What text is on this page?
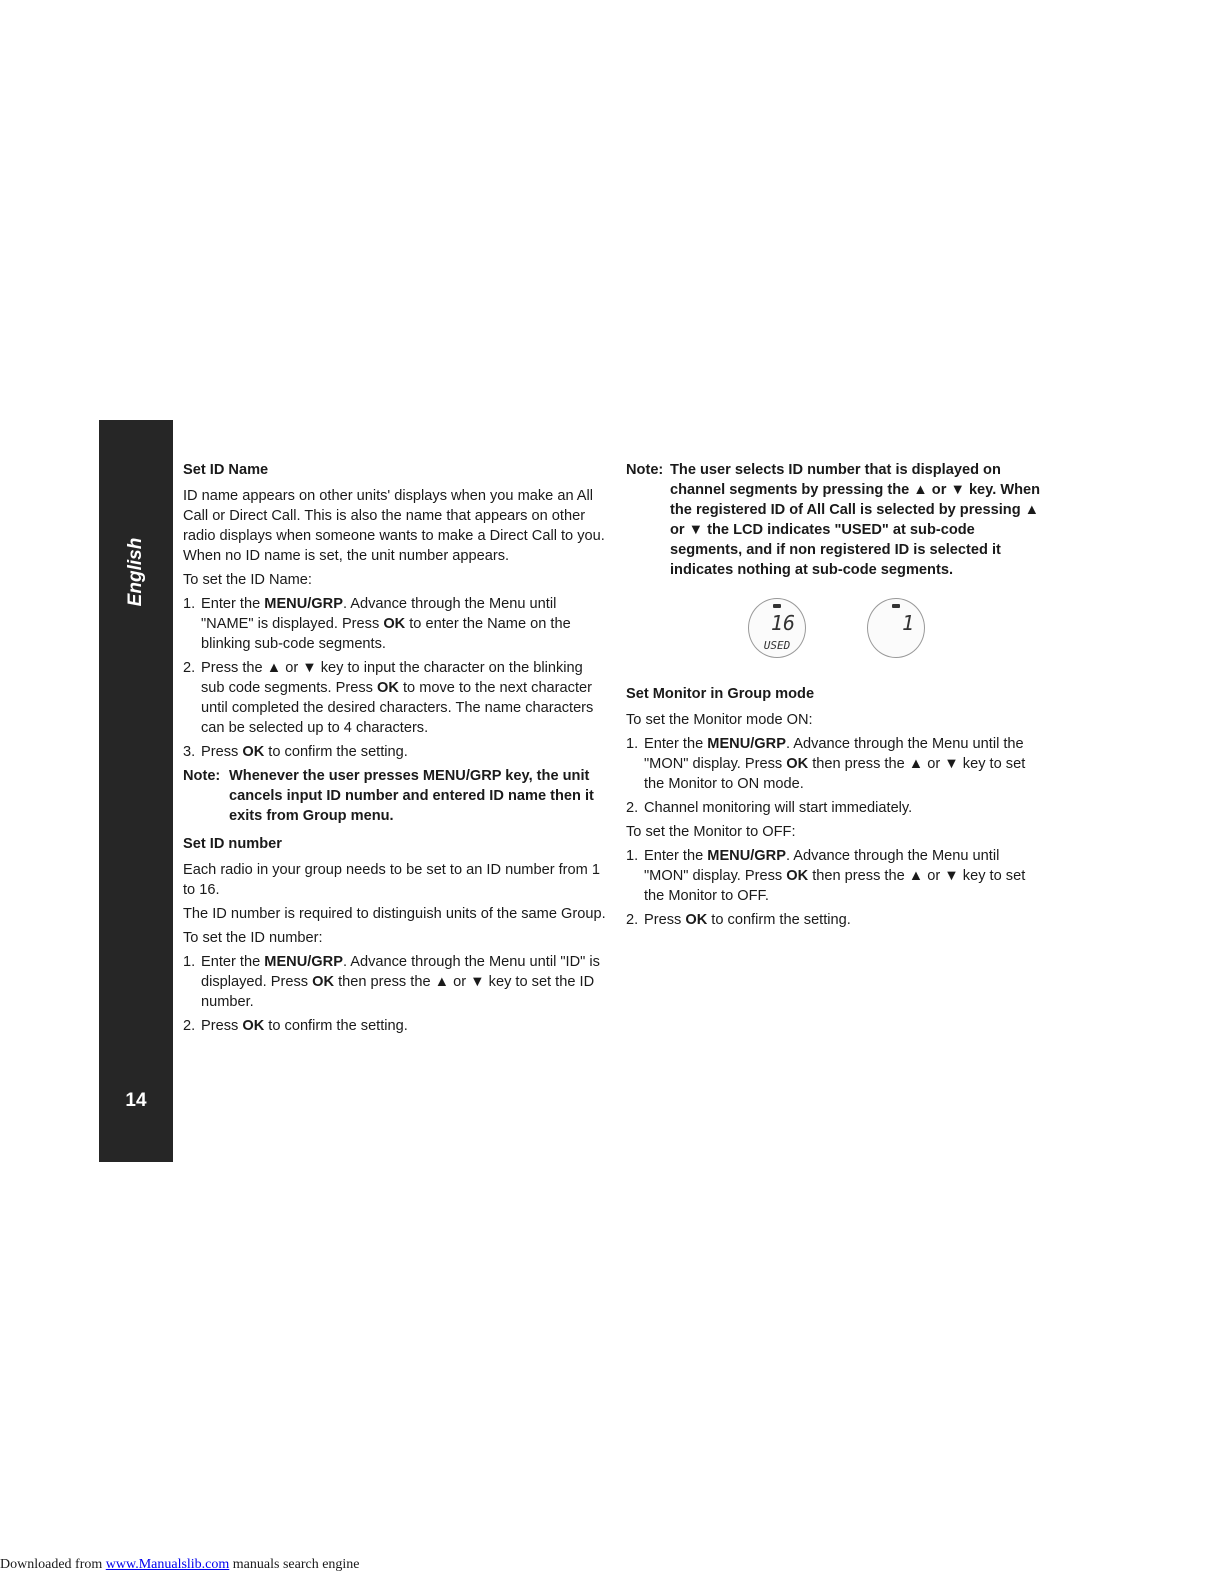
English
14
Set ID Name

ID name appears on other units' displays when you make an All Call or Direct Call. This is also the name that appears on other radio displays when someone wants to make a Direct Call to you. When no ID name is set, the unit number appears.

To set the ID Name:

1. Enter the MENU/GRP. Advance through the Menu until "NAME" is displayed. Press OK to enter the Name on the blinking sub-code segments.
2. Press the ▲ or ▼ key to input the character on the blinking sub code segments. Press OK to move to the next character until completed the desired characters. The name characters can be selected up to 4 characters.
3. Press OK to confirm the setting.
Note: Whenever the user presses MENU/GRP key, the unit cancels input ID number and entered ID name then it exits from Group menu.
Set ID number

Each radio in your group needs to be set to an ID number from 1 to 16.

The ID number is required to distinguish units of the same Group.

To set the ID number:

1. Enter the MENU/GRP. Advance through the Menu until "ID" is displayed. Press OK then press the ▲ or ▼ key to set the ID number.
2. Press OK to confirm the setting.
Note: The user selects ID number that is displayed on channel segments by pressing the ▲ or ▼ key. When the registered ID of All Call is selected by pressing ▲ or ▼ the LCD indicates "USED" at sub-code segments, and if non registered ID is selected it indicates nothing at sub-code segments.
16
USED
1
Set Monitor in Group mode

To set the Monitor mode ON:

1. Enter the MENU/GRP. Advance through the Menu until the "MON" display. Press OK then press the ▲ or ▼ key to set the Monitor to ON mode.
2. Channel monitoring will start immediately.

To set the Monitor to OFF:

1. Enter the MENU/GRP. Advance through the Menu until "MON" display. Press OK then press the ▲ or ▼ key to set the Monitor to OFF.
2. Press OK to confirm the setting.
Downloaded from www.Manualslib.com manuals search engine
